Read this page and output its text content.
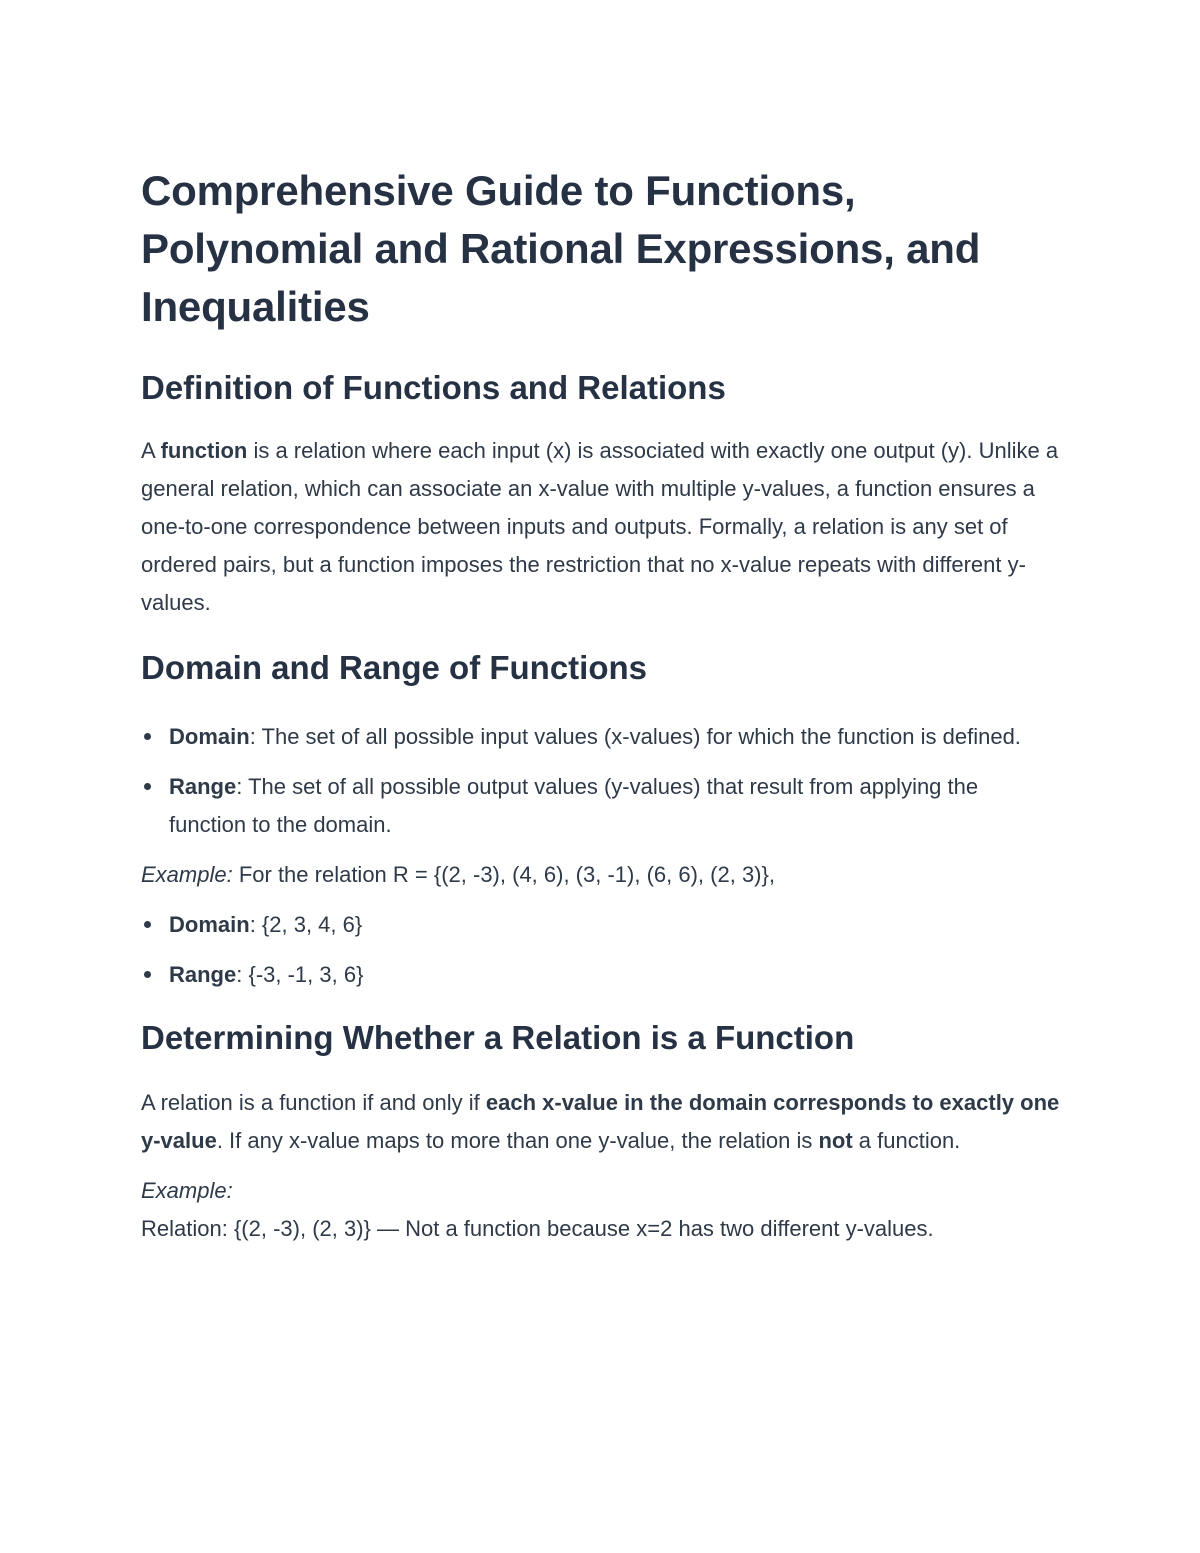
Comprehensive Guide to Functions, Polynomial and Rational Expressions, and Inequalities
Definition of Functions and Relations

A function is a relation where each input (x) is associated with exactly one output (y). Unlike a general relation, which can associate an x-value with multiple y-values, a function ensures a one-to-one correspondence between inputs and outputs. Formally, a relation is any set of ordered pairs, but a function imposes the restriction that no x-value repeats with different y-values.

Domain and Range of Functions
Domain: The set of all possible input values (x-values) for which the function is defined.
Range: The set of all possible output values (y-values) that result from applying the function to the domain.

Example: For the relation R = {(2, -3), (4, 6), (3, -1), (6, 6), (2, 3)},

Domain: {2, 3, 4, 6}
Range: {-3, -1, 3, 6}
Determining Whether a Relation is a Function

A relation is a function if and only if each x-value in the domain corresponds to exactly one y-value. If any x-value maps to more than one y-value, the relation is not a function.

Example:
Relation: {(2, -3), (2, 3)} — Not a function because x=2 has two different y-values.
